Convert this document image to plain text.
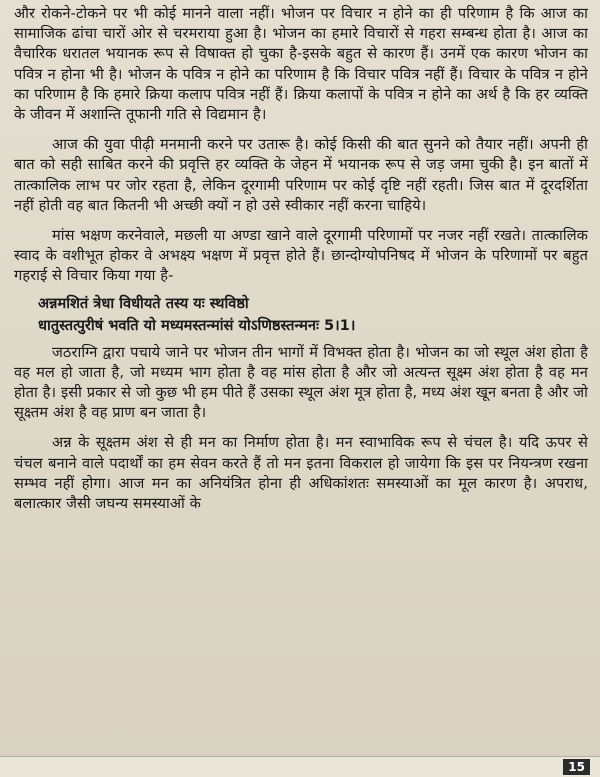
और रोकने-टोकने पर भी कोई मानने वाला नहीं। भोजन पर विचार न होने का ही परिणाम है कि आज का सामाजिक ढांचा चारों ओर से चरमराया हुआ है। भोजन का हमारे विचारों से गहरा सम्बन्ध होता है। आज का वैचारिक धरातल भयानक रूप से विषाक्त हो चुका है-इसके बहुत से कारण हैं। उनमें एक कारण भोजन का पवित्र न होना भी है। भोजन के पवित्र न होने का परिणाम है कि विचार पवित्र नहीं हैं। विचार के पवित्र न होने का परिणाम है कि हमारे क्रिया कलाप पवित्र नहीं हैं। क्रिया कलापों के पवित्र न होने का अर्थ है कि हर व्यक्ति के जीवन में अशान्ति तूफानी गति से विद्यमान है।

आज की युवा पीढ़ी मनमानी करने पर उतारू है। कोई किसी की बात सुनने को तैयार नहीं। अपनी ही बात को सही साबित करने की प्रवृत्ति हर व्यक्ति के जेहन में भयानक रूप से जड़ जमा चुकी है। इन बातों में तात्कालिक लाभ पर जोर रहता है, लेकिन दूरगामी परिणाम पर कोई दृष्टि नहीं रहती। जिस बात में दूरदर्शिता नहीं होती वह बात कितनी भी अच्छी क्यों न हो उसे स्वीकार नहीं करना चाहिये।

मांस भक्षण करनेवाले, मछली या अण्डा खाने वाले दूरगामी परिणामों पर नजर नहीं रखते। तात्कालिक स्वाद के वशीभूत होकर वे अभक्ष्य भक्षण में प्रवृत्त होते हैं। छान्दोग्योपनिषद में भोजन के परिणामों पर बहुत गहराई से विचार किया गया है-

अन्नमशितं त्रेधा विधीयते तस्य यः स्थविष्ठो

धातुस्तत्पुरीषं भवति यो मध्यमस्तन्मांसं योऽणिष्ठस्तन्मनः 5।1।

जठराग्नि द्वारा पचाये जाने पर भोजन तीन भागों में विभक्त होता है। भोजन का जो स्थूल अंश होता है वह मल हो जाता है, जो मध्यम भाग होता है वह मांस होता है और जो अत्यन्त सूक्ष्म अंश होता है वह मन होता है। इसी प्रकार से जो कुछ भी हम पीते हैं उसका स्थूल अंश मूत्र होता है, मध्य अंश खून बनता है और जो सूक्ष्तम अंश है वह प्राण बन जाता है।

अन्न के सूक्ष्तम अंश से ही मन का निर्माण होता है। मन स्वाभाविक रूप से चंचल है। यदि ऊपर से चंचल बनाने वाले पदार्थों का हम सेवन करते हैं तो मन इतना विकराल हो जायेगा कि इस पर नियन्त्रण रखना सम्भव नहीं होगा। आज मन का अनियंत्रित होना ही अधिकांशतः समस्याओं का मूल कारण है। अपराध, बलात्कार जैसी जघन्य समस्याओं के

15
